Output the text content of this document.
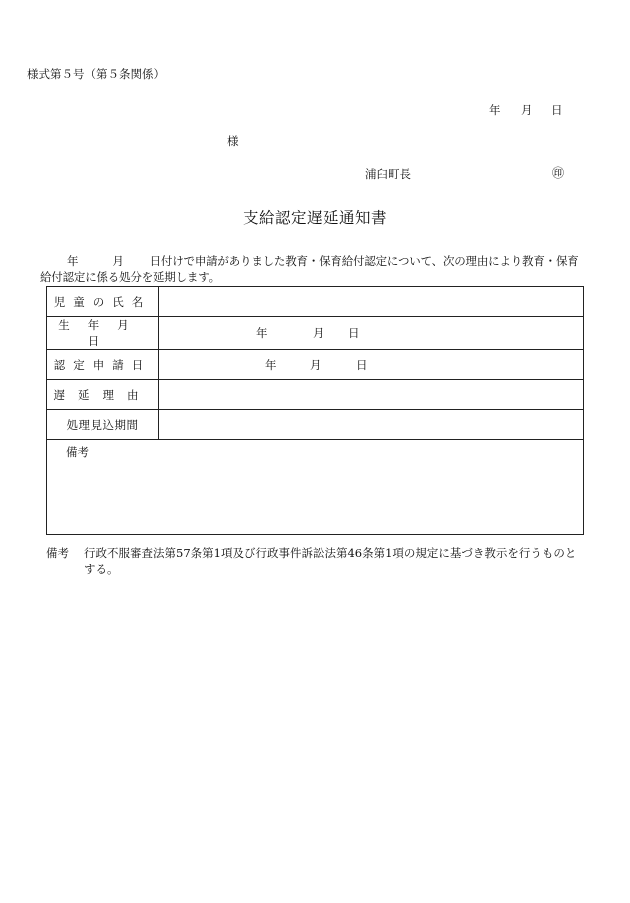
様式第５号（第５条関係）
年 月 日
様
浦臼町長	㊞
支給認定遅延通知書
年	月 日付けで申請がありました教育・保育給付認定について、次の理由により教育・保育給付認定に係る処分を延期します。
児童の氏名	
生年月日	年 月 日
認定申請日	年 月 日
遅延理由	
処理見込期間	
備考	
備考 行政不服審査法第57条第1項及び行政事件訴訟法第46条第1項の規定に基づき教示を行うものとする。
